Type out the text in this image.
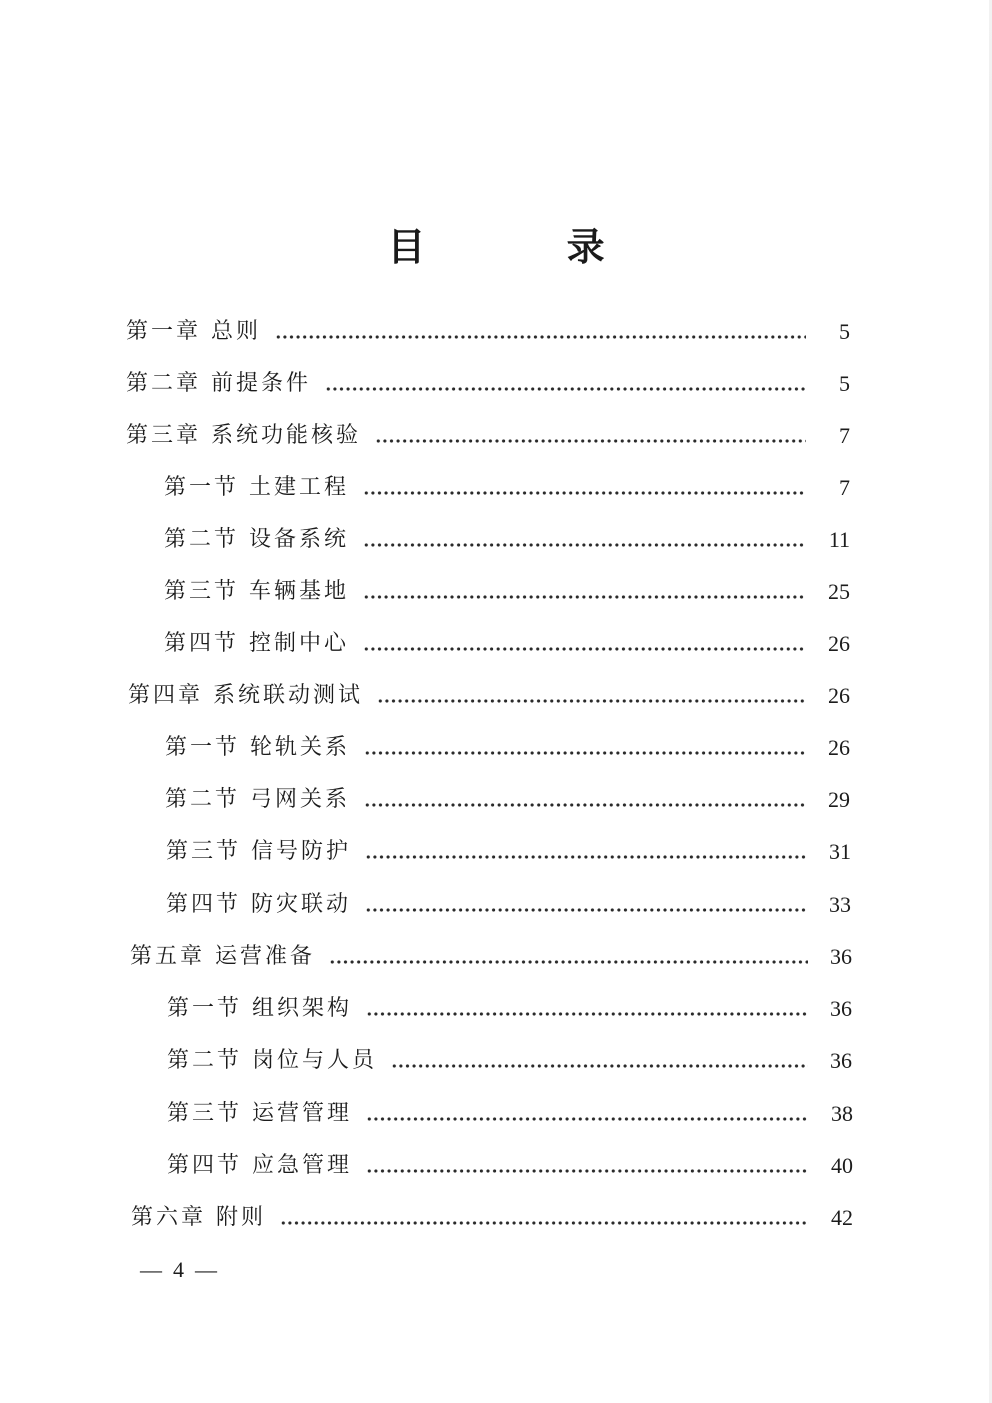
目 录
第一章 总则	5
第二章 前提条件	5
第三章 系统功能核验	7
第一节 土建工程	7
第二节 设备系统	11
第三节 车辆基地	25
第四节 控制中心	26
第四章 系统联动测试	26
第一节 轮轨关系	26
第二节 弓网关系	29
第三节 信号防护	31
第四节 防灾联动	33
第五章 运营准备	36
第一节 组织架构	36
第二节 岗位与人员	36
第三节 运营管理	38
第四节 应急管理	40
第六章 附则	42
—  4  —
